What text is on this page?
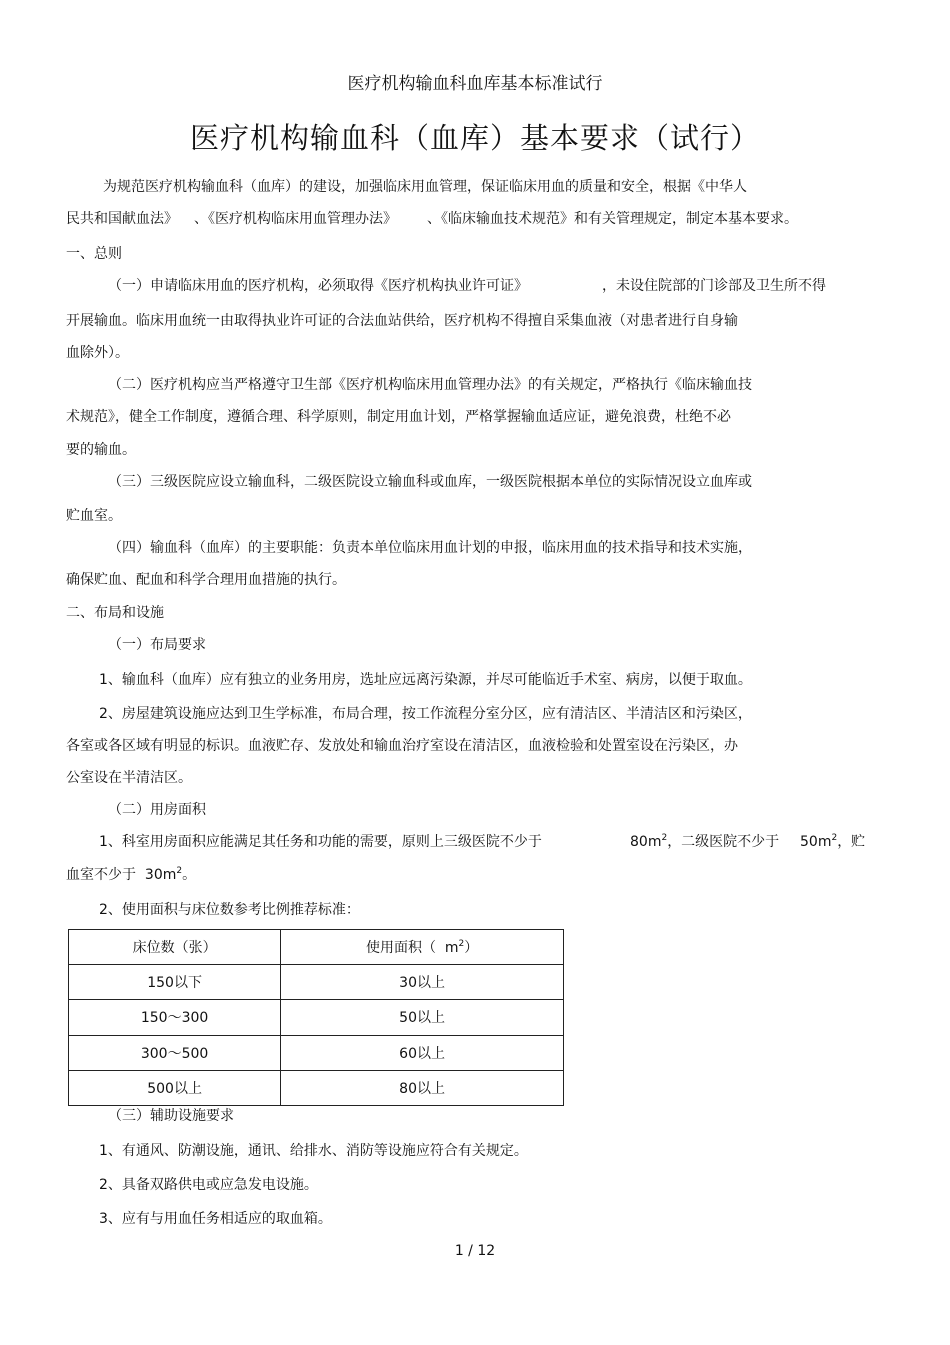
医疗机构输血科血库基本标准试行
医疗机构输血科（血库）基本要求（试行）
为规范医疗机构输血科（血库）的建设，加强临床用血管理，保证临床用血的质量和安全，根据《中华人
民共和国献血法》 、《医疗机构临床用血管理办法》 、《临床输血技术规范》和有关管理规定，制定本基本要求。
一、总则
（一）申请临床用血的医疗机构，必须取得《医疗机构执业许可证》	，未设住院部的门诊部及卫生所不得
开展输血。临床用血统一由取得执业许可证的合法血站供给，医疗机构不得擅自采集血液（对患者进行自身输
血除外）。
（二）医疗机构应当严格遵守卫生部《医疗机构临床用血管理办法》的有关规定，严格执行《临床输血技
术规范》，健全工作制度，遵循合理、科学原则，制定用血计划，严格掌握输血适应证，避免浪费，杜绝不必
要的输血。
（三）三级医院应设立输血科，二级医院设立输血科或血库，一级医院根据本单位的实际情况设立血库或
贮血室。
（四）输血科（血库）的主要职能：负责本单位临床用血计划的申报，临床用血的技术指导和技术实施，
确保贮血、配血和科学合理用血措施的执行。
二、布局和设施
（一）布局要求
1、输血科（血库）应有独立的业务用房，选址应远离污染源，并尽可能临近手术室、病房，以便于取血。
2、房屋建筑设施应达到卫生学标准，布局合理，按工作流程分室分区，应有清洁区、半清洁区和污染区，
各室或各区域有明显的标识。血液贮存、发放处和输血治疗室设在清洁区，血液检验和处置室设在污染区，办
公室设在半清洁区。
（二）用房面积
1、科室用房面积应能满足其任务和功能的需要，原则上三级医院不少于	$80m^2$，二级医院不少于 $50m^2$，贮
血室不少于 $30m^2$。
2、使用面积与床位数参考比例推荐标准：
床位数（张）	使用面积（ $m^2$）
150以下	30以上
150～300	50以上
300～500	60以上
500以上	80以上
（三）辅助设施要求
1、有通风、防潮设施，通讯、给排水、消防等设施应符合有关规定。
2、具备双路供电或应急发电设施。
3、应有与用血任务相适应的取血箱。
1 / 12
